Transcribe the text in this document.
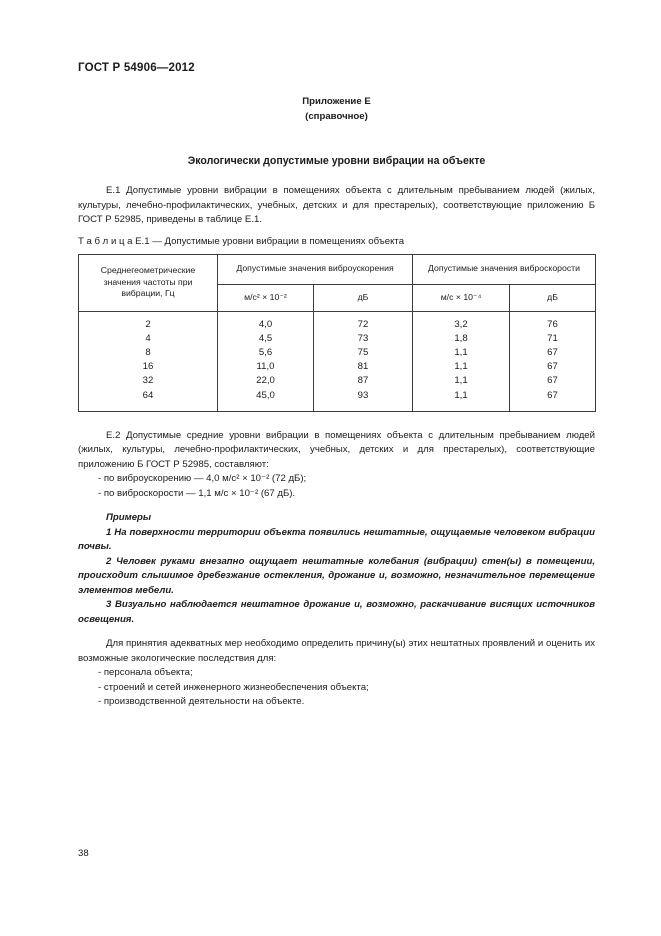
ГОСТ Р 54906—2012
Приложение Е
(справочное)
Экологически допустимые уровни вибрации на объекте
Е.1 Допустимые уровни вибрации в помещениях объекта с длительным пребыванием людей (жилых, культуры, лечебно-профилактических, учебных, детских и для престарелых), соответствующие приложению Б ГОСТ Р 52985, приведены в таблице Е.1.
Т а б л и ц а Е.1 — Допустимые уровни вибрации в помещениях объекта
Среднегеометрические значения частоты при вибрации, Гц	Допустимые значения виброускорения		Допустимые значения виброскорости	
	м/с² × 10⁻²	дБ	м/с × 10⁻⁴	дБ
2	4,0	72	3,2	76
4	4,5	73	1,8	71
8	5,6	75	1,1	67
16	11,0	81	1,1	67
32	22,0	87	1,1	67
64	45,0	93	1,1	67
Е.2 Допустимые средние уровни вибрации в помещениях объекта с длительным пребыванием людей (жилых, культуры, лечебно-профилактических, учебных, детских и для престарелых), соответствующие приложению Б ГОСТ Р 52985, составляют:
- по виброускорению — 4,0 м/с² × 10⁻² (72 дБ);
- по виброскорости — 1,1 м/с × 10⁻² (67 дБ).
Примеры
1 На поверхности территории объекта появились нештатные, ощущаемые человеком вибрации почвы.
2 Человек руками внезапно ощущает нештатные колебания (вибрации) стен(ы) в помещении, происходит слышимое дребезжание остекления, дрожание и, возможно, незначительное перемещение элементов мебели.
3 Визуально наблюдается нештатное дрожание и, возможно, раскачивание висящих источников освещения.
Для принятия адекватных мер необходимо определить причину(ы) этих нештатных проявлений и оценить их возможные экологические последствия для:
- персонала объекта;
- строений и сетей инженерного жизнеобеспечения объекта;
- производственной деятельности на объекте.
38
